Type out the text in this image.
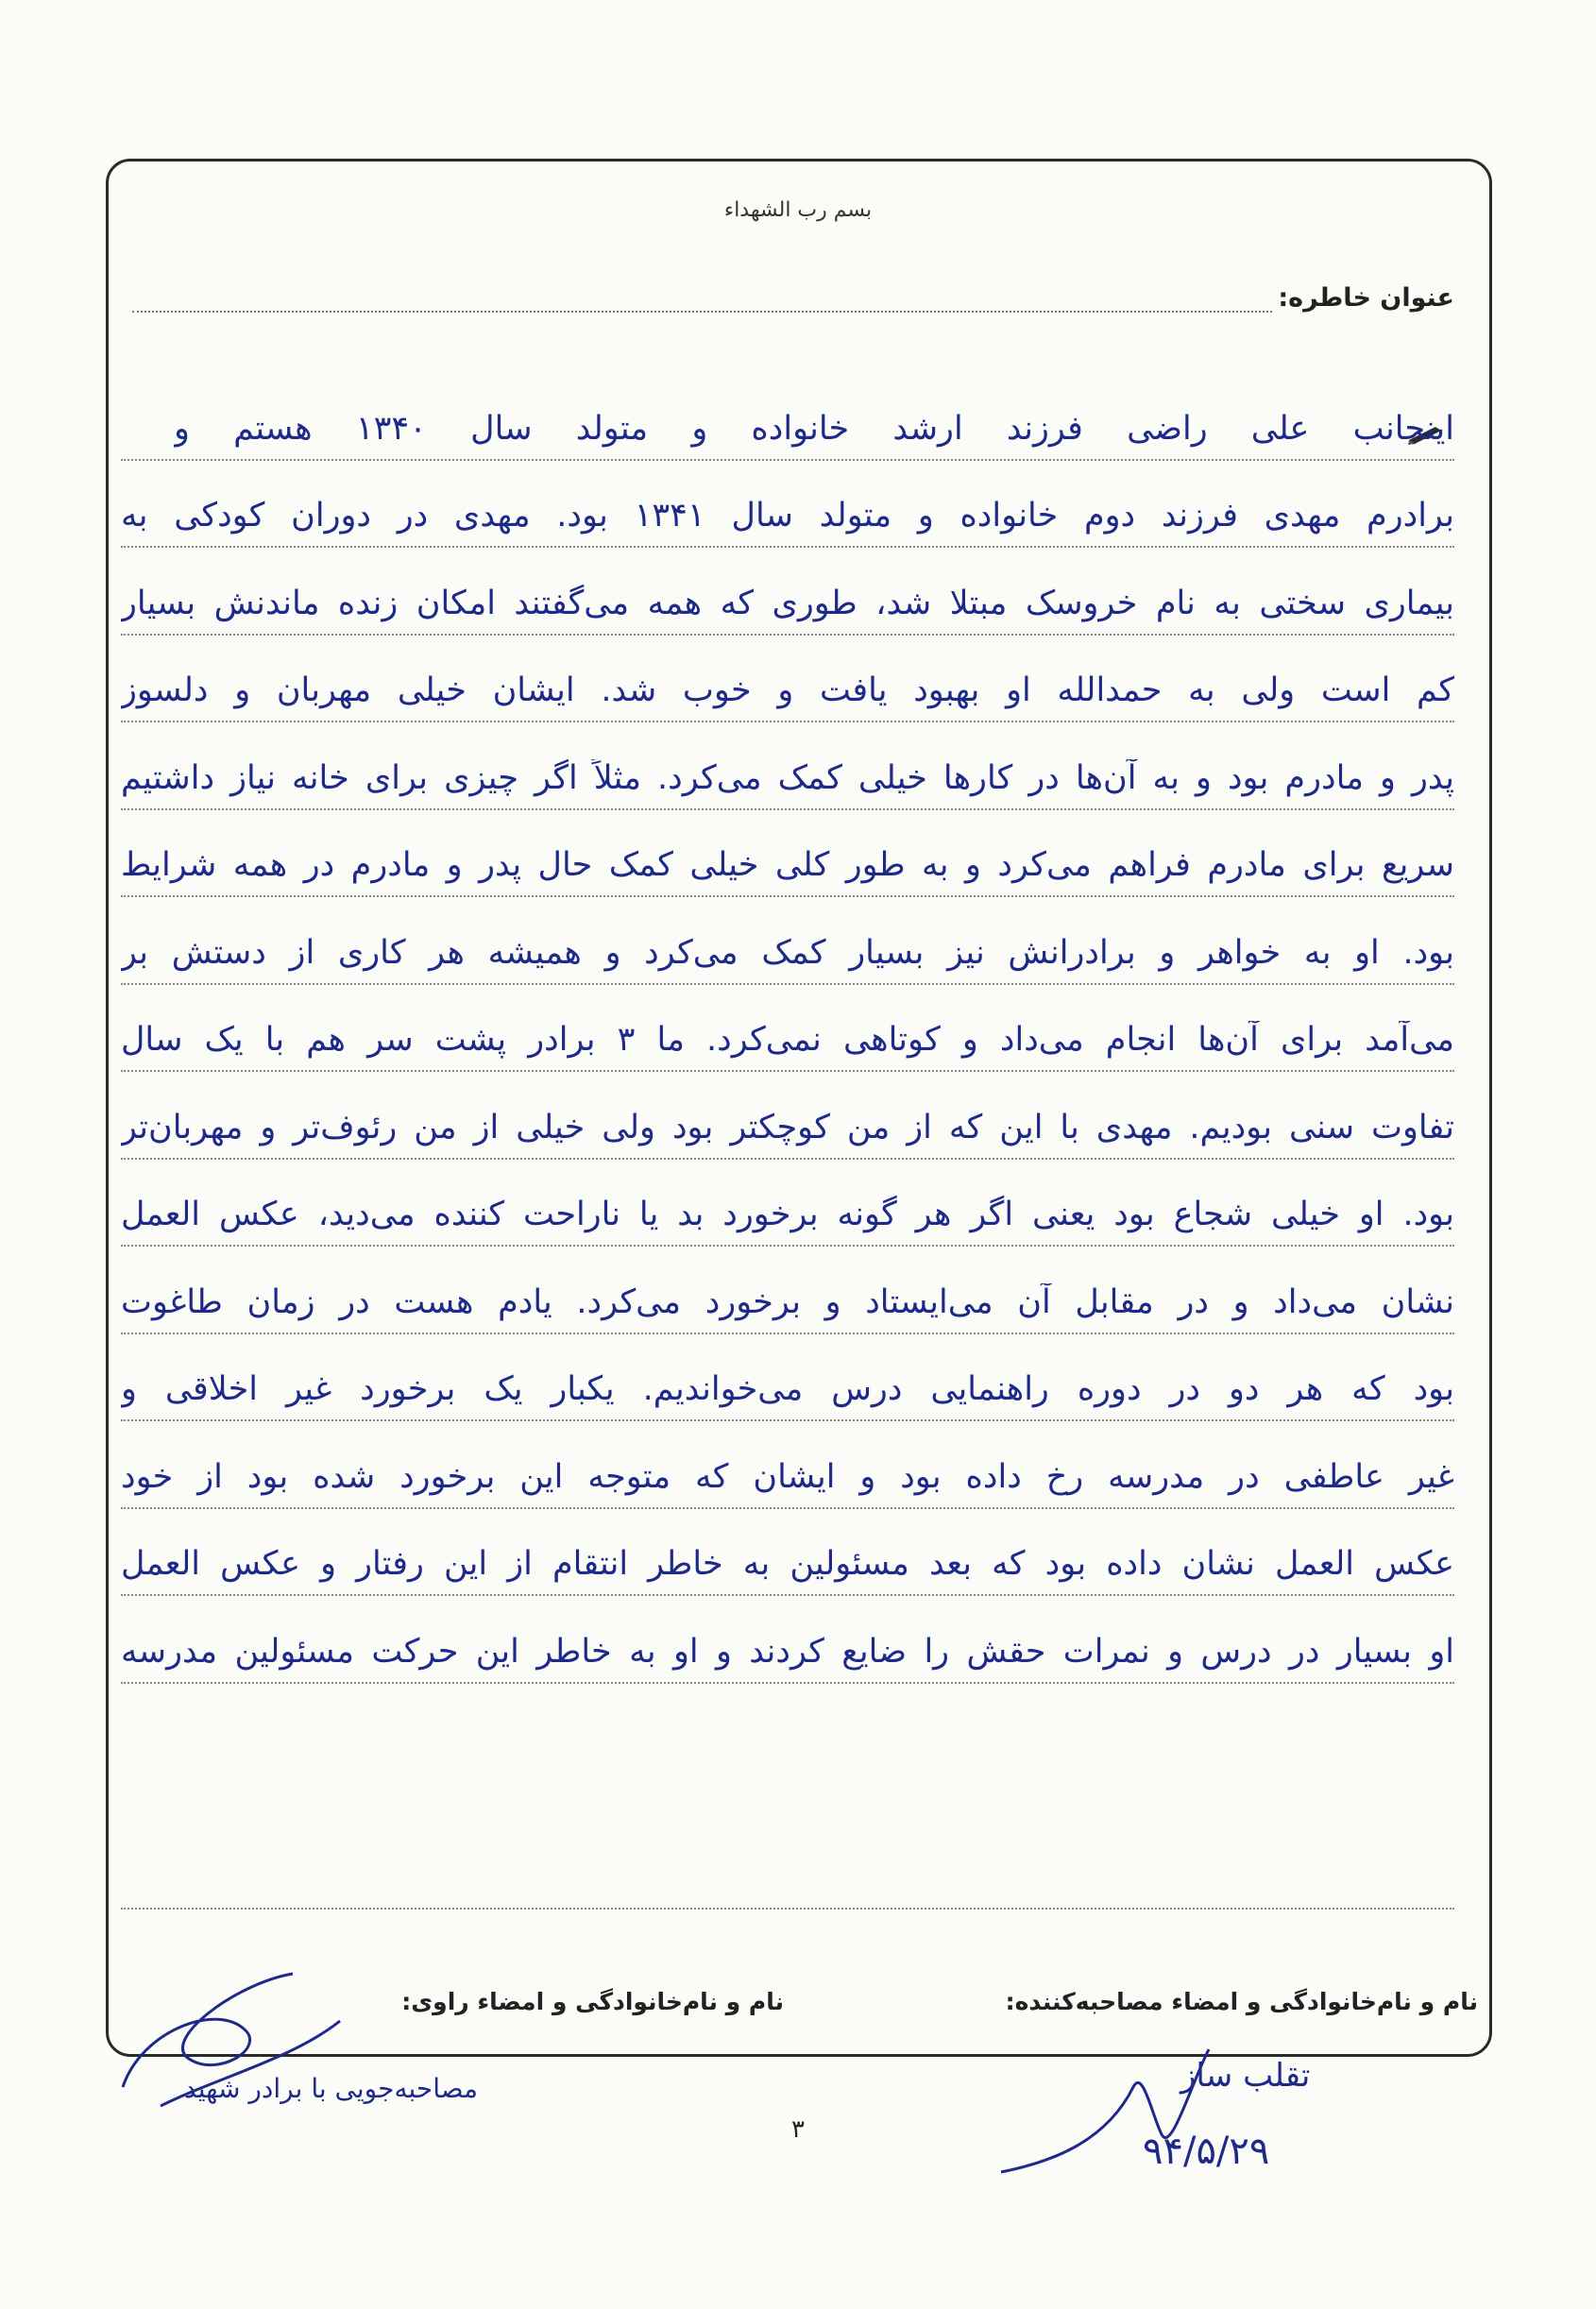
بسم رب الشهداء
عنوان خاطره:
اینجانب علی راضی فرزند ارشد خانواده و متولد سال ۱۳۴۰ هستم و
برادرم مهدی فرزند دوم خانواده و متولد سال ۱۳۴۱ بود. مهدی در دوران کودکی به
بیماری سختی به نام خروسک مبتلا شد، طوری که همه می‌گفتند امکان زنده ماندنش بسیار
کم است ولی به حمدالله او بهبود یافت و خوب شد. ایشان خیلی مهربان و دلسوز
پدر و مادرم بود و به آن‌ها در کارها خیلی کمک می‌کرد. مثلاً اگر چیزی برای خانه نیاز داشتیم
سریع برای مادرم فراهم می‌کرد و به طور کلی خیلی کمک حال پدر و مادرم در همه شرایط
بود. او به خواهر و برادرانش نیز بسیار کمک می‌کرد و همیشه هر کاری از دستش بر
می‌آمد برای آن‌ها انجام می‌داد و کوتاهی نمی‌کرد. ما ۳ برادر پشت سر هم با یک سال
تفاوت سنی بودیم. مهدی با این که از من کوچکتر بود ولی خیلی از من رئوف‌تر و مهربان‌تر
بود. او خیلی شجاع بود یعنی اگر هر گونه برخورد بد یا ناراحت کننده می‌دید، عکس العمل
نشان می‌داد و در مقابل آن می‌ایستاد و برخورد می‌کرد. یادم هست در زمان طاغوت
بود که هر دو در دوره راهنمایی درس می‌خواندیم. یکبار یک برخورد غیر اخلاقی و
غیر عاطفی در مدرسه رخ داده بود و ایشان که متوجه این برخورد شده بود از خود
عکس العمل نشان داده بود که بعد مسئولین به خاطر انتقام از این رفتار و عکس العمل
او بسیار در درس و نمرات حقش را ضایع کردند و او به خاطر این حرکت مسئولین مدرسه
نام و نام‌خانوادگی و امضاء مصاحبه‌کننده:
نام و نام‌خانوادگی و امضاء راوی:
تقلب ساز
۹۴/۵/۲۹
مصاحبه‌جویی با برادر شهید
۳
